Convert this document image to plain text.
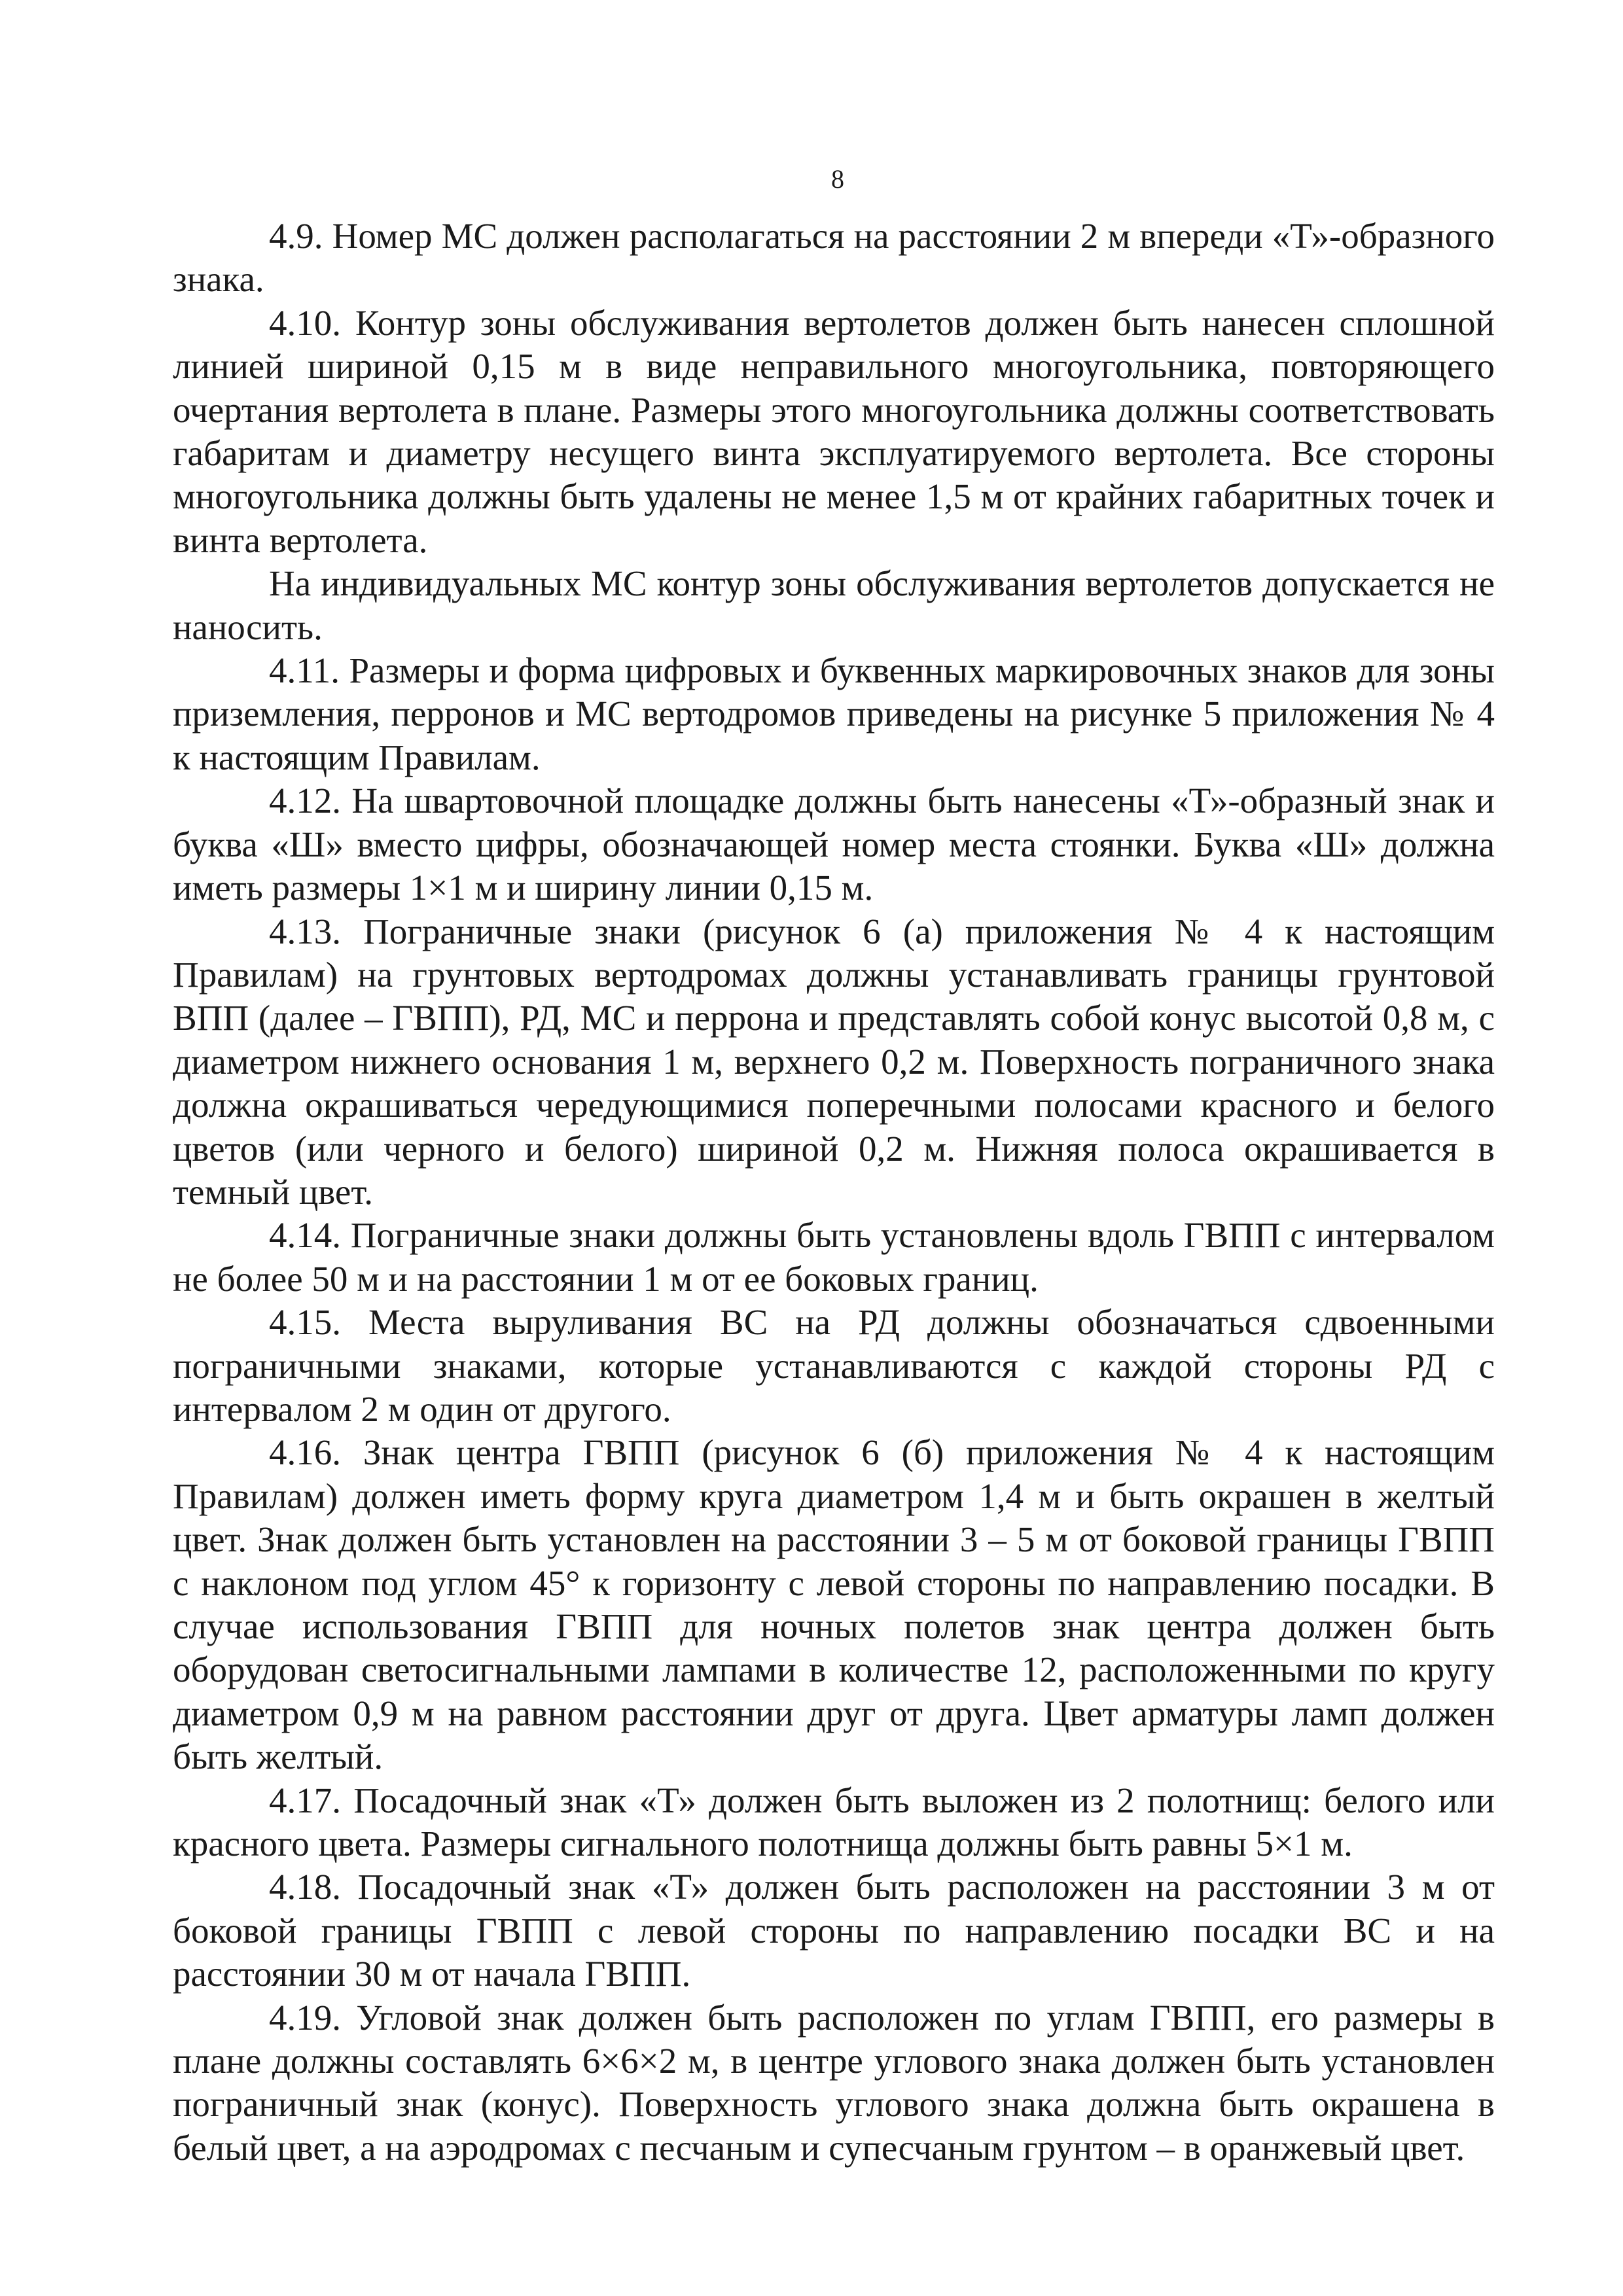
8

4.9. Номер МС должен располагаться на расстоянии 2 м впереди «Т»-образного знака.

4.10. Контур зоны обслуживания вертолетов должен быть нанесен сплошной линией шириной 0,15 м в виде неправильного многоугольника, повторяющего очертания вертолета в плане. Размеры этого многоугольника должны соответствовать габаритам и диаметру несущего винта эксплуатируемого вертолета. Все стороны многоугольника должны быть удалены не менее 1,5 м от крайних габаритных точек и винта вертолета.

На индивидуальных МС контур зоны обслуживания вертолетов допускается не наносить.

4.11. Размеры и форма цифровых и буквенных маркировочных знаков для зоны приземления, перронов и МС вертодромов приведены на рисунке 5 приложения № 4 к настоящим Правилам.

4.12. На швартовочной площадке должны быть нанесены «Т»-образный знак и буква «Ш» вместо цифры, обозначающей номер места стоянки. Буква «Ш» должна иметь размеры 1×1 м и ширину линии 0,15 м.

4.13. Пограничные знаки (рисунок 6 (а) приложения № 4 к настоящим Правилам) на грунтовых вертодромах должны устанавливать границы грунтовой ВПП (далее – ГВПП), РД, МС и перрона и представлять собой конус высотой 0,8 м, с диаметром нижнего основания 1 м, верхнего 0,2 м. Поверхность пограничного знака должна окрашиваться чередующимися поперечными полосами красного и белого цветов (или черного и белого) шириной 0,2 м. Нижняя полоса окрашивается в темный цвет.

4.14. Пограничные знаки должны быть установлены вдоль ГВПП с интервалом не более 50 м и на расстоянии 1 м от ее боковых границ.

4.15. Места выруливания ВС на РД должны обозначаться сдвоенными пограничными знаками, которые устанавливаются с каждой стороны РД с интервалом 2 м один от другого.

4.16. Знак центра ГВПП (рисунок 6 (б) приложения № 4 к настоящим Правилам) должен иметь форму круга диаметром 1,4 м и быть окрашен в желтый цвет. Знак должен быть установлен на расстоянии 3 – 5 м от боковой границы ГВПП с наклоном под углом 45° к горизонту с левой стороны по направлению посадки. В случае использования ГВПП для ночных полетов знак центра должен быть оборудован светосигнальными лампами в количестве 12, расположенными по кругу диаметром 0,9 м на равном расстоянии друг от друга. Цвет арматуры ламп должен быть желтый.

4.17. Посадочный знак «Т» должен быть выложен из 2 полотнищ: белого или красного цвета. Размеры сигнального полотнища должны быть равны 5×1 м.

4.18. Посадочный знак «Т» должен быть расположен на расстоянии 3 м от боковой границы ГВПП с левой стороны по направлению посадки ВС и на расстоянии 30 м от начала ГВПП.

4.19. Угловой знак должен быть расположен по углам ГВПП, его размеры в плане должны составлять 6×6×2 м, в центре углового знака должен быть установлен пограничный знак (конус). Поверхность углового знака должна быть окрашена в белый цвет, а на аэродромах с песчаным и супесчаным грунтом – в оранжевый цвет.
